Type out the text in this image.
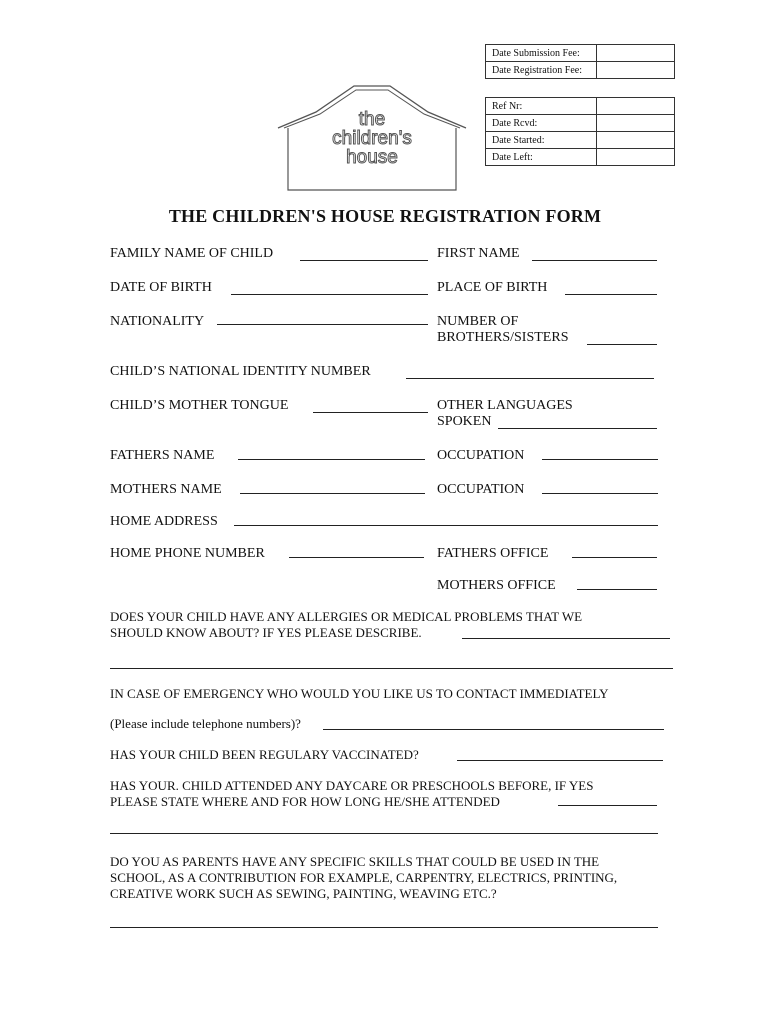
Date Submission Fee:	
Date Registration Fee:	
Ref Nr:	
Date Rcvd:	
Date Started:	
Date Left:	
the
children's
house
THE CHILDREN'S HOUSE REGISTRATION FORM
FAMILY NAME OF CHILD	FIRST NAME
DATE OF BIRTH	PLACE OF BIRTH
NATIONALITY	NUMBER OF
BROTHERS/SISTERS
CHILD’S NATIONAL IDENTITY NUMBER
CHILD’S MOTHER TONGUE	OTHER LANGUAGES
SPOKEN
FATHERS NAME	OCCUPATION
MOTHERS NAME	OCCUPATION
HOME ADDRESS
HOME PHONE NUMBER	FATHERS OFFICE
MOTHERS OFFICE
DOES YOUR CHILD HAVE ANY ALLERGIES OR MEDICAL PROBLEMS THAT WE
SHOULD KNOW ABOUT? IF YES PLEASE DESCRIBE.
IN CASE OF EMERGENCY WHO WOULD YOU LIKE US TO CONTACT IMMEDIATELY
(Please include telephone numbers)?
HAS YOUR CHILD BEEN REGULARY VACCINATED?
HAS YOUR. CHILD ATTENDED ANY DAYCARE OR PRESCHOOLS BEFORE, IF YES
PLEASE STATE WHERE AND FOR HOW LONG HE/SHE ATTENDED
DO YOU AS PARENTS HAVE ANY SPECIFIC SKILLS THAT COULD BE USED IN THE
SCHOOL, AS A CONTRIBUTION FOR EXAMPLE, CARPENTRY, ELECTRICS, PRINTING,
CREATIVE WORK SUCH AS SEWING, PAINTING, WEAVING ETC.?
